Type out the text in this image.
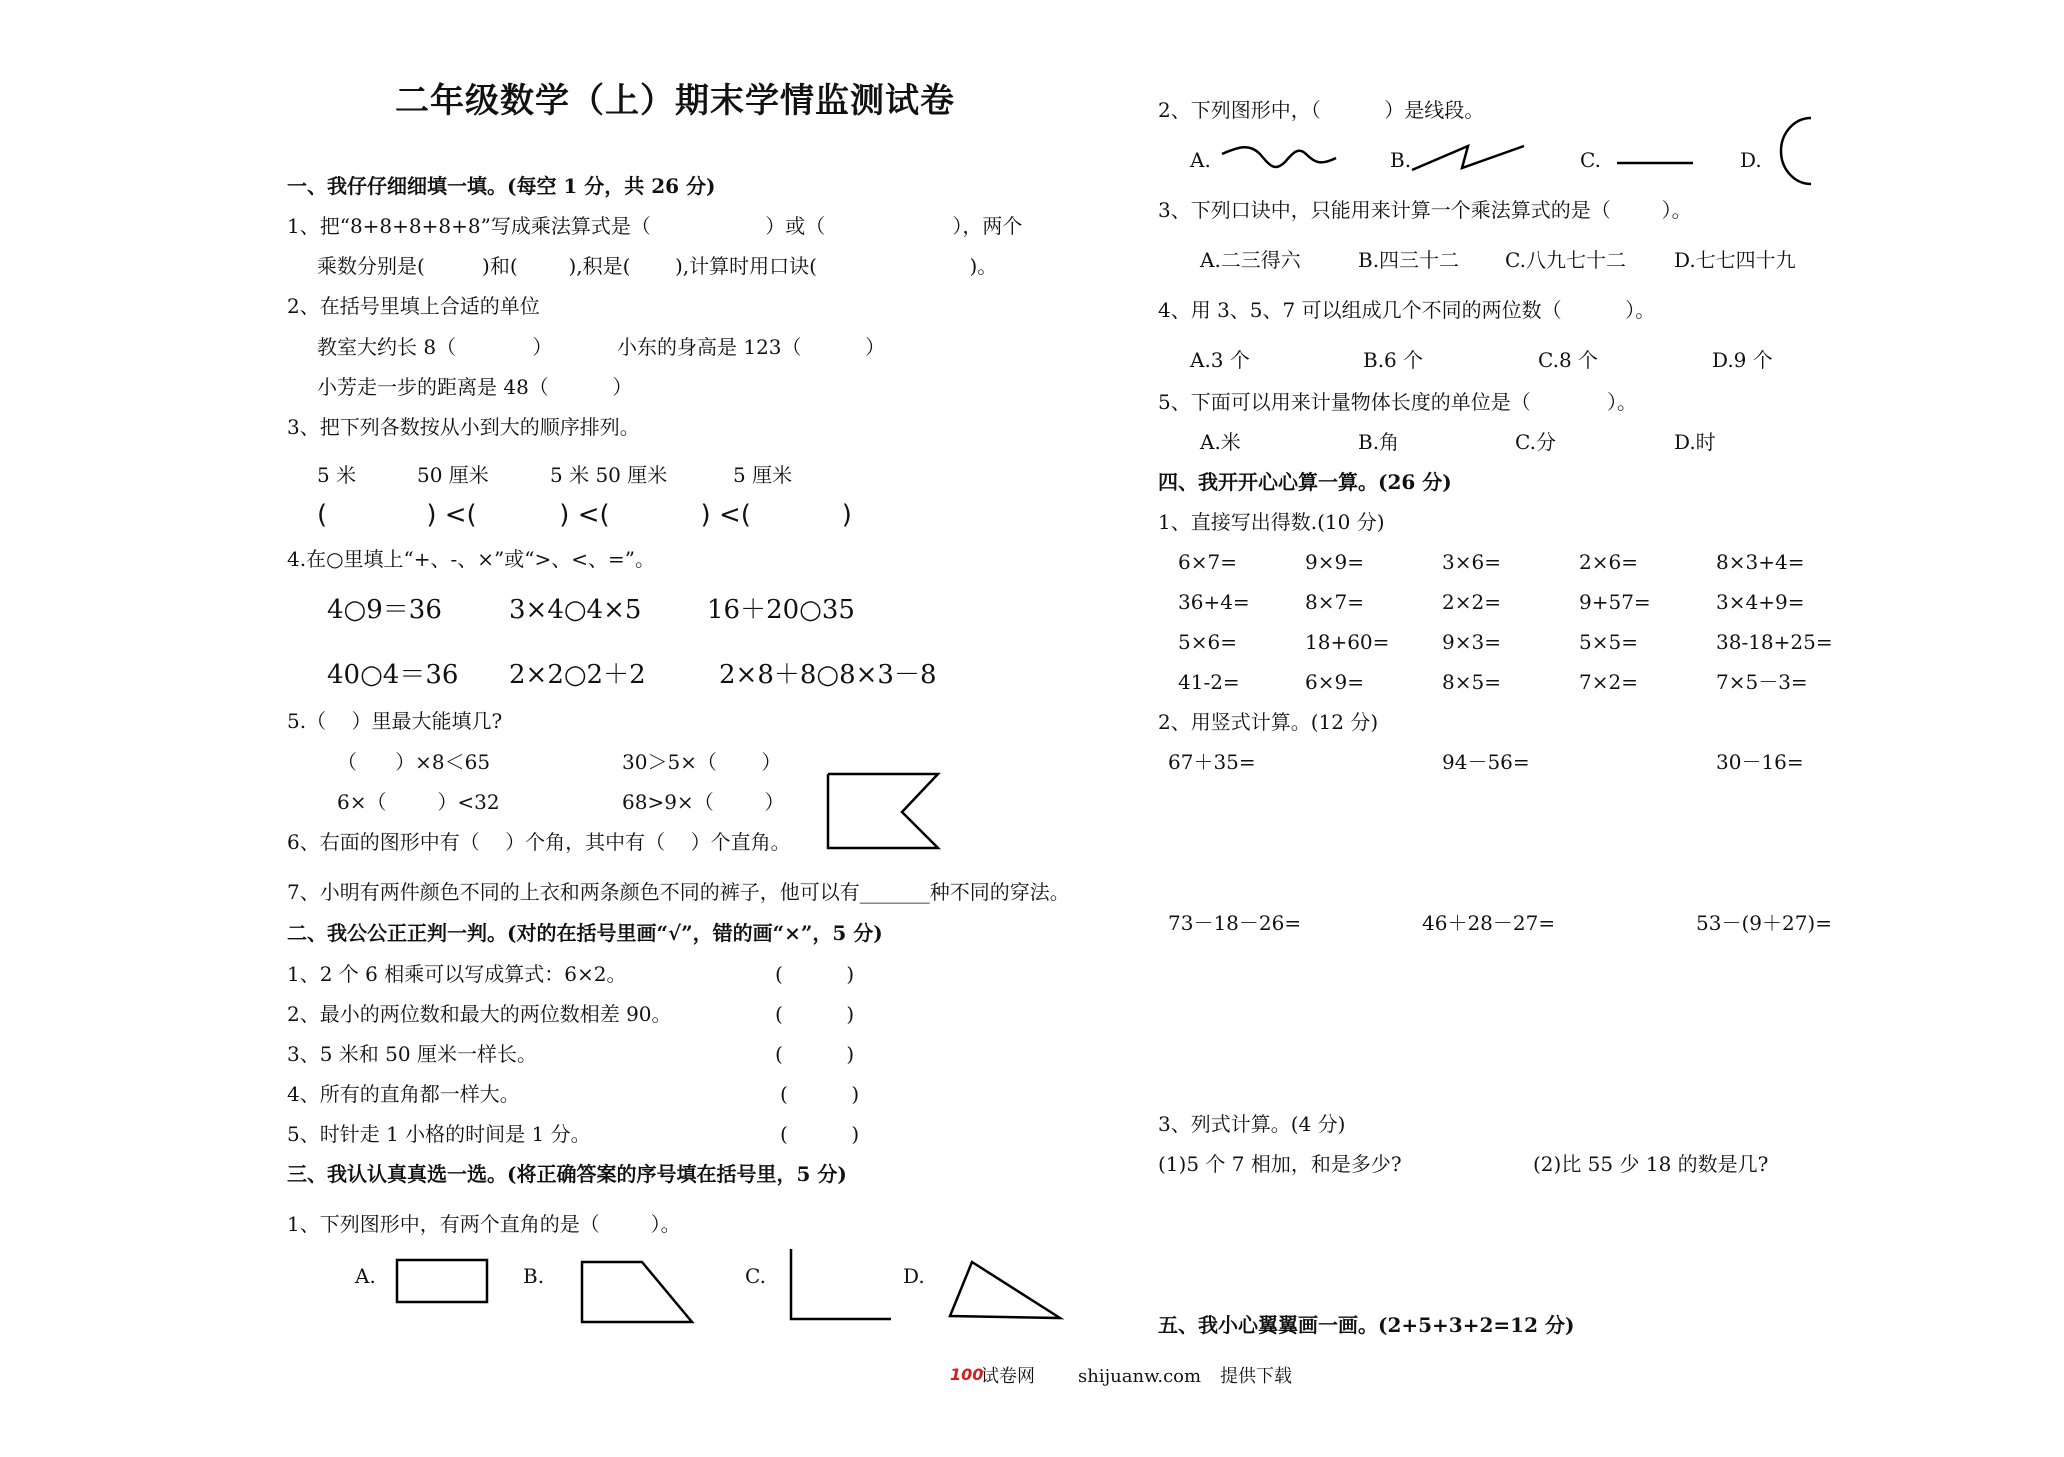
二年级数学（上）期末学情监测试卷
一、我仔仔细细填一填。(每空 1 分，共 26 分)
1、把“8+8+8+8+8”写成乘法算式是（                  ）或（                    ），两个
乘数分别是(         )和(        ),积是(       ),计算时用口诀(                        )。
2、在括号里填上合适的单位
教室大约长 8（            ）	小东的身高是 123（          ）
小芳走一步的距离是 48（          ）
3、把下列各数按从小到大的顺序排列。
5 米	50 厘米	5 米 50 厘米	5 厘米
(            ) <(          ) <(           ) <(           )
4.在○里填上“+、-、×”或“>、<、=”。
4○9＝36	3×4○4×5	16＋20○35
40○4＝36 2×2○2＋2	2×8＋8○8×3－8
5.（    ）里最大能填几?
（      ）×8＜65	30＞5×（       ）
6×（        ）<32	68>9×（        ）
6、右面的图形中有（    ）个角，其中有（    ）个直角。
7、小明有两件颜色不同的上衣和两条颜色不同的裤子，他可以有_______种不同的穿法。
二、我公公正正判一判。(对的在括号里画“√”，错的画“×”，5 分)
1、2 个 6 相乘可以写成算式：6×2。	(          )
2、最小的两位数和最大的两位数相差 90。	(          )
3、5 米和 50 厘米一样长。	(          )
4、所有的直角都一样大。	(          )
5、时针走 1 小格的时间是 1 分。	(          )
三、我认认真真选一选。(将正确答案的序号填在括号里，5 分)
1、下列图形中，有两个直角的是（        ）。
A.	B.	C.	D.
2、下列图形中，（          ）是线段。
A.	B.	C.	D.
3、下列口诀中，只能用来计算一个乘法算式的是（        ）。
A.二三得六	B.四三十二 C.八九七十二 D.七七四十九
4、用 3、5、7 可以组成几个不同的两位数（          ）。
A.3 个	B.6 个	C.8 个	D.9 个
5、下面可以用来计量物体长度的单位是（            ）。
A.米	B.角	C.分	D.时
四、我开开心心算一算。(26 分)
1、直接写出得数.(10 分)
6×7=	9×9=	3×6=	2×6=	8×3+4=
36+4=	8×7=	2×2=	9+57=	3×4+9=
5×6=	18+60=	9×3=	5×5=	38-18+25=
41-2=	6×9=	8×5=	7×2=	7×5－3=
2、用竖式计算。(12 分)
67＋35=	94－56=	30－16=
73－18－26=	46＋28－27=	53－(9＋27)=
3、列式计算。(4 分)
(1)5 个 7 相加，和是多少?	(2)比 55 少 18 的数是几?
五、我小心翼翼画一画。(2+5+3+2=12 分)
100
试卷网 shijuanw.com 提供下载
